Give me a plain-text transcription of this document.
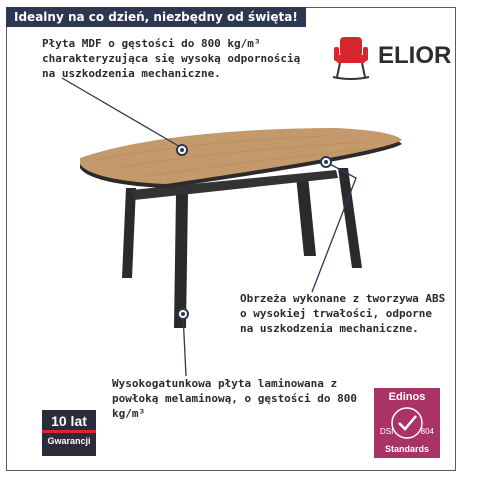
Idealny na co dzień, niezbędny od święta!
Płyta MDF o gęstości do 800 kg/m³ charakteryzująca się wysoką odpornością na uszkodzenia mechaniczne.
Obrzeża wykonane z tworzywa ABS o wysokiej trwałości, odporne na uszkodzenia mechaniczne.
Wysokogatunkowa płyta laminowana z powłoką melaminową, o gęstości do 800 kg/m³
ELIOR
10 lat
Gwarancji
Edinos
DSI	804
Standards
